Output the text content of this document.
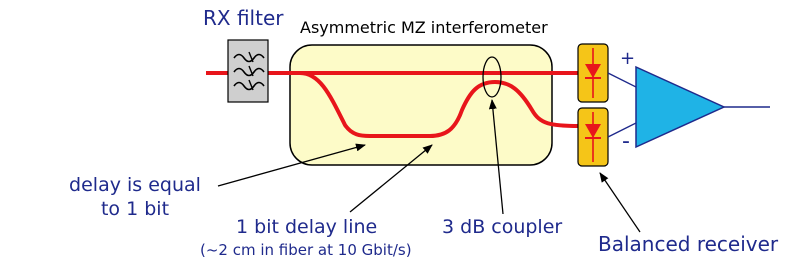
RX filter Asymmetric MZ interferometer
+
-
delay is equal
to 1 bit
1 bit delay line
(~2 cm in fiber at 10 Gbit/s)
3 dB coupler
Balanced receiver
